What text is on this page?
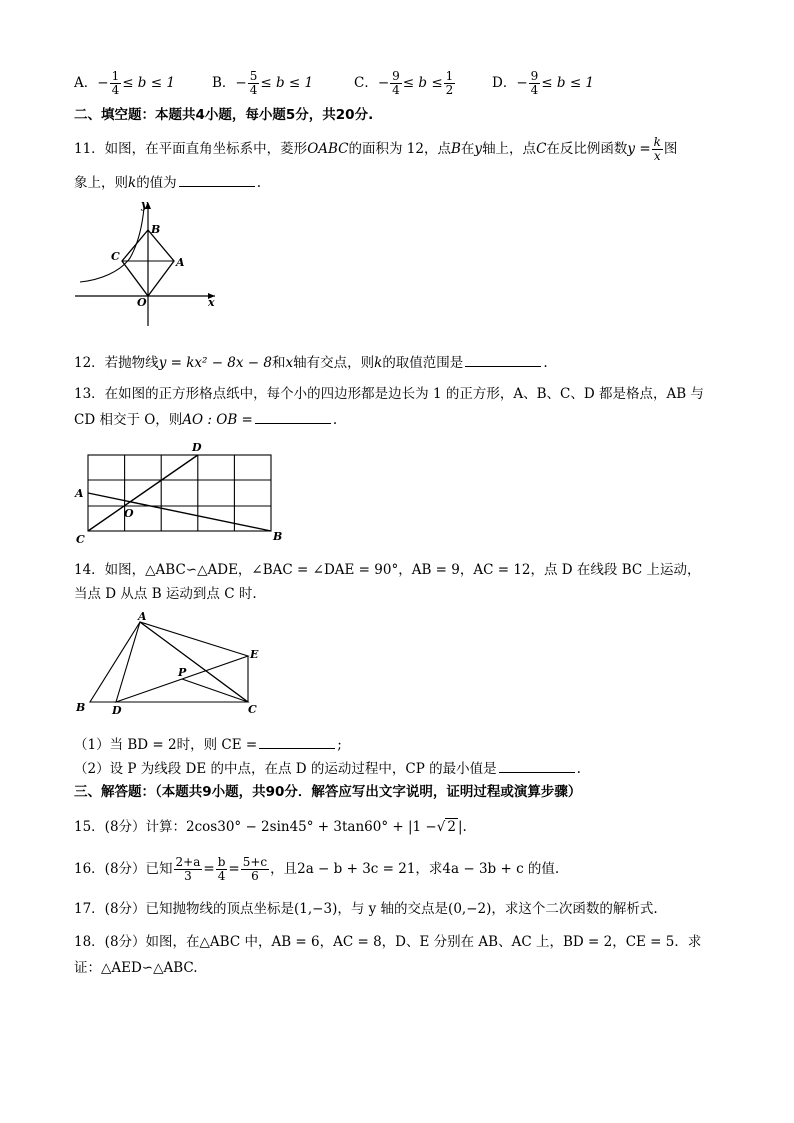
A．− $\frac{1}{4} \le b \le 1$	B．− $\frac{5}{4} \le b \le 1$	C．− $\frac{9}{4} \le b \le \frac{1}{2}$	D．− $\frac{9}{4} \le b \le 1$
二、填空题：本题共4小题，每小题5分，共20分.
11．如图，在平面直角坐标系中，菱形OABC的面积为 12，点B在y轴上，点C在反比例函数$y = \frac{k}{x}$ 图
象上，则k的值为	.
y
x
O
A
B
C
12．若抛物线y = kx² − 8x − 8和x轴有交点，则k的取值范围是	.
13．在如图的正方形格点纸中，每个小的四边形都是边长为 1 的正方形，A、B、C、D 都是格点，AB 与
CD 相交于 O，则AO : OB =	.
A
B
C
D
O
14．如图，△ABC∽△ADE，∠BAC = ∠DAE = 90°，AB = 9，AC = 12，点 D 在线段 BC 上运动，
当点 D 从点 B 运动到点 C 时.
A
B	C
D
E
P
（1）当 BD = 2时，则 CE =	;
（2）设 P 为线段 DE 的中点，在点 D 的运动过程中，CP 的最小值是	.
三、解答题：（本题共9小题，共90分．解答应写出文字说明，证明过程或演算步骤）
15．(8分）计算：2cos30° − 2sin45° + 3tan60° + |1 −√ 2 |.
16．(8分）已知 $\frac{2+a}{3} = \frac{b}{4} = \frac{5+c}{6}$ ，且2a − b + 3c = 21，求4a − 3b + c 的值.
17．(8分）已知抛物线的顶点坐标是(1,−3)，与 y 轴的交点是(0,−2)，求这个二次函数的解析式.
18．(8分）如图，在△ABC 中，AB = 6，AC = 8，D、E 分别在 AB、AC 上，BD = 2，CE = 5．求
证：△AED∽△ABC.
